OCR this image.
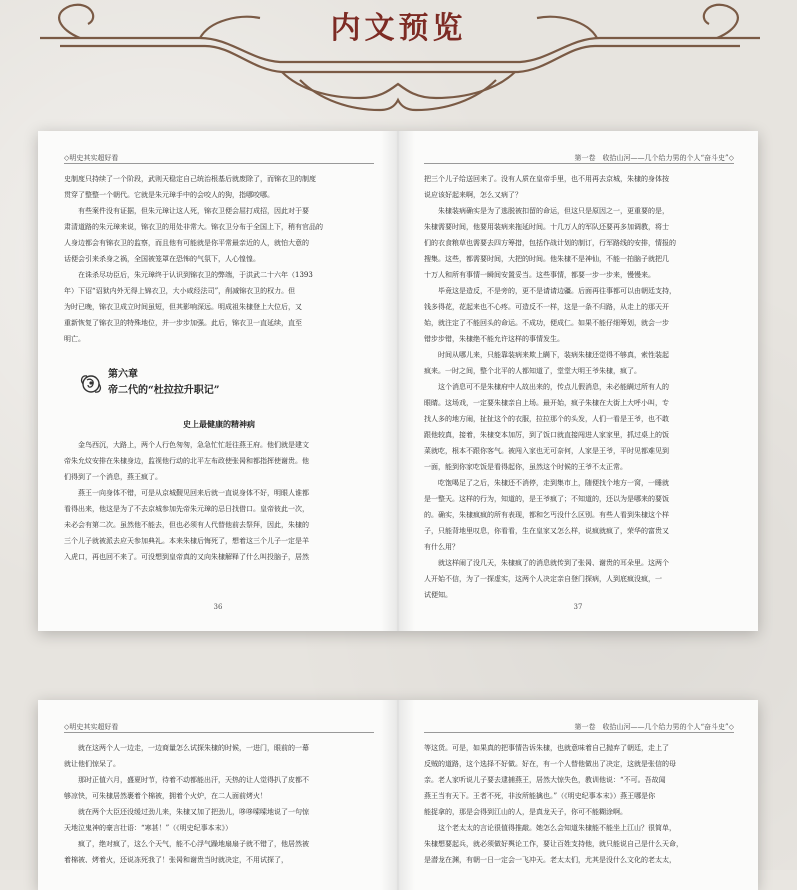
内文预览
◇明史其实超好看

史制度只持续了一个阶段，武则天稳定自己统治根基后就废除了，而锦衣卫的制度

贯穿了整整一个朝代。它就是朱元璋手中的会咬人的狗，指哪咬哪。

有些案件没有证据，但朱元璋让这人死，锦衣卫便会屈打成招，因此对于要

肃清道路的朱元璋来说，锦衣卫的用处非常大。锦衣卫分布于全国上下，稍有官品的

人身边都会有锦衣卫的监察，而且他有可能就是你平常最亲近的人，就怕大意的

话便会引来杀身之祸，全国被笼罩在恐怖的气氛下，人心惶惶。

在诛杀尽功臣后，朱元璋终于认识到锦衣卫的弊端，于洪武二十六年（1393

年）下诏“诏狱内外无得上锦衣卫，大小咸经法司”，削减锦衣卫的权力。但

为时已晚，锦衣卫成立时间虽短，但其影响深远。明成祖朱棣登上大位后，又

重新恢复了锦衣卫的特殊地位，并一步步加强。此后，锦衣卫一直延续，直至

明亡。

第六章
帝二代的“杜拉拉升职记”
史上最健康的精神病

金鸟西沉，大路上，两个人行色匆匆，急急忙忙赶往燕王府。他们就是建文

帝朱允炆安排在朱棣身边，监视他行动的北平左布政使张昺和都指挥使谢贵。他

们得到了一个消息，燕王疯了。

燕王一向身体不错，可是从京城觐见回来后就一直说身体不好，明眼人谁都

看得出来，他这是为了不去京城参加先帝朱元璋的忌日找借口。皇帝彼此一次，

未必会有第二次。虽然他不能去，但也必须有人代替他前去祭拜，因此，朱棣的

三个儿子就被派去应天参加典礼。本来朱棣后悔死了，想着这三个儿子一定是羊

入虎口，再也回不来了。可没想到皇帝真的又向朱棣解释了什么叫投脑子，居然

36
第一卷　收拾山河——几个给力男的个人“奋斗史”◇

把三个儿子给送回来了。没有人质在皇帝手里，也不用再去京城，朱棣的身体按

说应该好起来啊，怎么又病了？

朱棣装病确实是为了逃脱被扣留的命运，但这只是原因之一，更重要的是，

朱棣需要时间，他要用装病来拖延时间。十几万人的军队还要再多加调教，将士

们的衣食粮草也需要去四方筹措，包括作战计划的制订，行军路线的安排，情报的

搜集。这些，都需要时间，大把的时间。他朱棣不是神仙，不能一拍脑子就把几

十万人和所有事情一瞬间安置妥当。这些事情，都要一步一步来，慢慢来。

毕竟这是造反，不是旁的，更不是请请边疆。后面再往事都可以由朝廷支持，

钱多得花，花起来也不心疼。可造反不一样，这是一条不归路，从走上的那天开

始，就注定了不能回头的命运。不成功，便成仁。如果不能仔细筹划，就会一步

错步步错，朱棣绝不能允许这样的事情发生。

时间从哪儿来，只能靠装病来欺上瞒下，装病朱棣还觉得不够真，索性装起

疯来。一时之间，整个北平的人都知道了，堂堂大明王爷朱棣，疯了。

这个消息可不是朱棣府中人故出来的，传点儿假消息，未必能瞒过所有人的

眼睛。这场戏，一定要朱棣亲自上场。最开始，疯子朱棣在大街上大呼小叫，专

找人多的地方闹，扯扯这个的衣服，拉拉那个的头发，人们一看是王爷，也不敢

跟他较真，接着，朱棣变本加厉，到了饭口就直接闯进人家家里，抓过桌上的饭

菜就吃，根本不跟你客气。被闯入家也无可奈何，人家是王爷，平时见都难见到

一面，能到你家吃饭是看得起你，虽然这个时候的王爷不太正常。

吃饱喝足了之后，朱棣还不消停，走到集市上，随便找个地方一窝，一睡就

是一整天。这样的行为，知道的，是王爷疯了；不知道的，还以为是哪来的要饭

的。确实，朱棣疯疯的所有表现，都和乞丐没什么区别。有些人看到朱棣这个样

子，只能背地里叹息，你看看，生在皇家又怎么样，说疯就疯了，荣华的富贵又

有什么用？

就这样闹了没几天，朱棣疯了的消息就传到了张昺、谢贵的耳朵里。这两个

人开始不信，为了一探虚实，这两个人决定亲自登门探病，人到底疯没疯，一

试便知。

37
◇明史其实超好看

就在这两个人一边走，一边商量怎么试探朱棣的时候，一进门，眼前的一幕

就让他们惊呆了。

那时正值六月，盛夏时节，待着不动都能出汗，天热的让人觉得扒了皮都不

够凉快，可朱棣居然裹着个棉被，拥着个火炉，在二人面前烤火！

就在两个大臣还没缓过劲儿来，朱棣又加了把劲儿，哆哆嗦嗦地说了一句惊

天地泣鬼神的豪言壮语：“寒甚！”（《明史纪事本末》）

疯了，绝对疯了，这么个天气，能不心浮气躁地扇扇子就不错了，他居然被

着棉被、烤着火，还说冻死我了！张昺和谢贵当时就决定，不用试探了，

第一卷　收拾山河——几个给力男的个人“奋斗史”◇

等这货。可是，如果真的把事情告诉朱棣，也就意味着自己抛弃了朝廷，走上了

反贼的道路，这个选择不好做。好在，有一个人替他做出了决定，这就是张信的母

亲。老人家听说儿子要去逮捕燕王，居然大惊失色，教训他说：“不可。吾故闻

燕王当有天下。王者不死，非汝所能擒也。”（《明史纪事本末》）燕王哪是你

能捉拿的，那是会得到江山的人，是真龙天子，你可不能糊涂啊。

这个老太太的言论很值得推敲。她怎么会知道朱棣能不能坐上江山？很简单，

朱棣想要起兵，就必须做好舆论工作，要让百姓支持他，就只能说自己是什么天命，

是潜龙在渊，有朝一日一定会一飞冲天。老太太们，尤其是没什么文化的老太太，
